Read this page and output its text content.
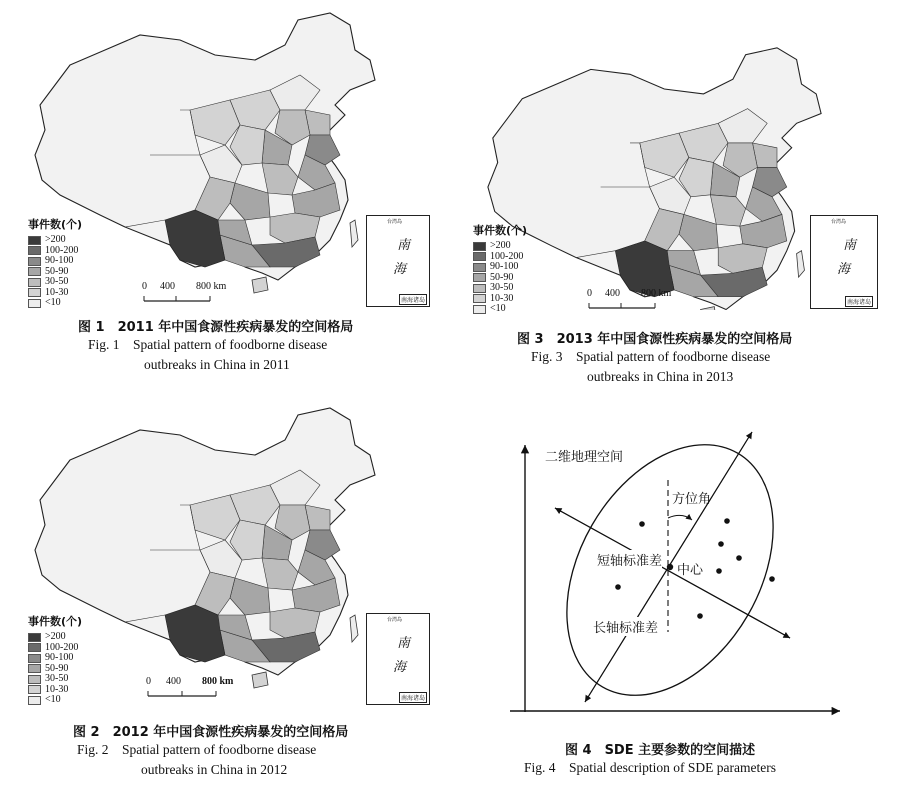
事件数(个)
>200
100-200
90-100
50-90
30-50
10-30
<10
0 400 800 km
台湾岛
南
海
南海诸岛
图 1　2011 年中国食源性疾病暴发的空间格局
Fig. 1　Spatial pattern of foodborne disease
outbreaks in China in 2011
事件数(个)
>200
100-200
90-100
50-90
30-50
10-30
<10
0 400 800 km
台湾岛
南
海
南海诸岛
图 3　2013 年中国食源性疾病暴发的空间格局
Fig. 3　Spatial pattern of foodborne disease
outbreaks in China in 2013
事件数(个)
>200
100-200
90-100
50-90
30-50
10-30
<10
0 400 800 km
台湾岛
南
海
南海诸岛
图 2　2012 年中国食源性疾病暴发的空间格局
Fig. 2　Spatial pattern of foodborne disease
outbreaks in China in 2012
二维地理空间
方位角
短轴标准差
中心
长轴标准差
图 4　SDE 主要参数的空间描述
Fig. 4　Spatial description of SDE parameters
